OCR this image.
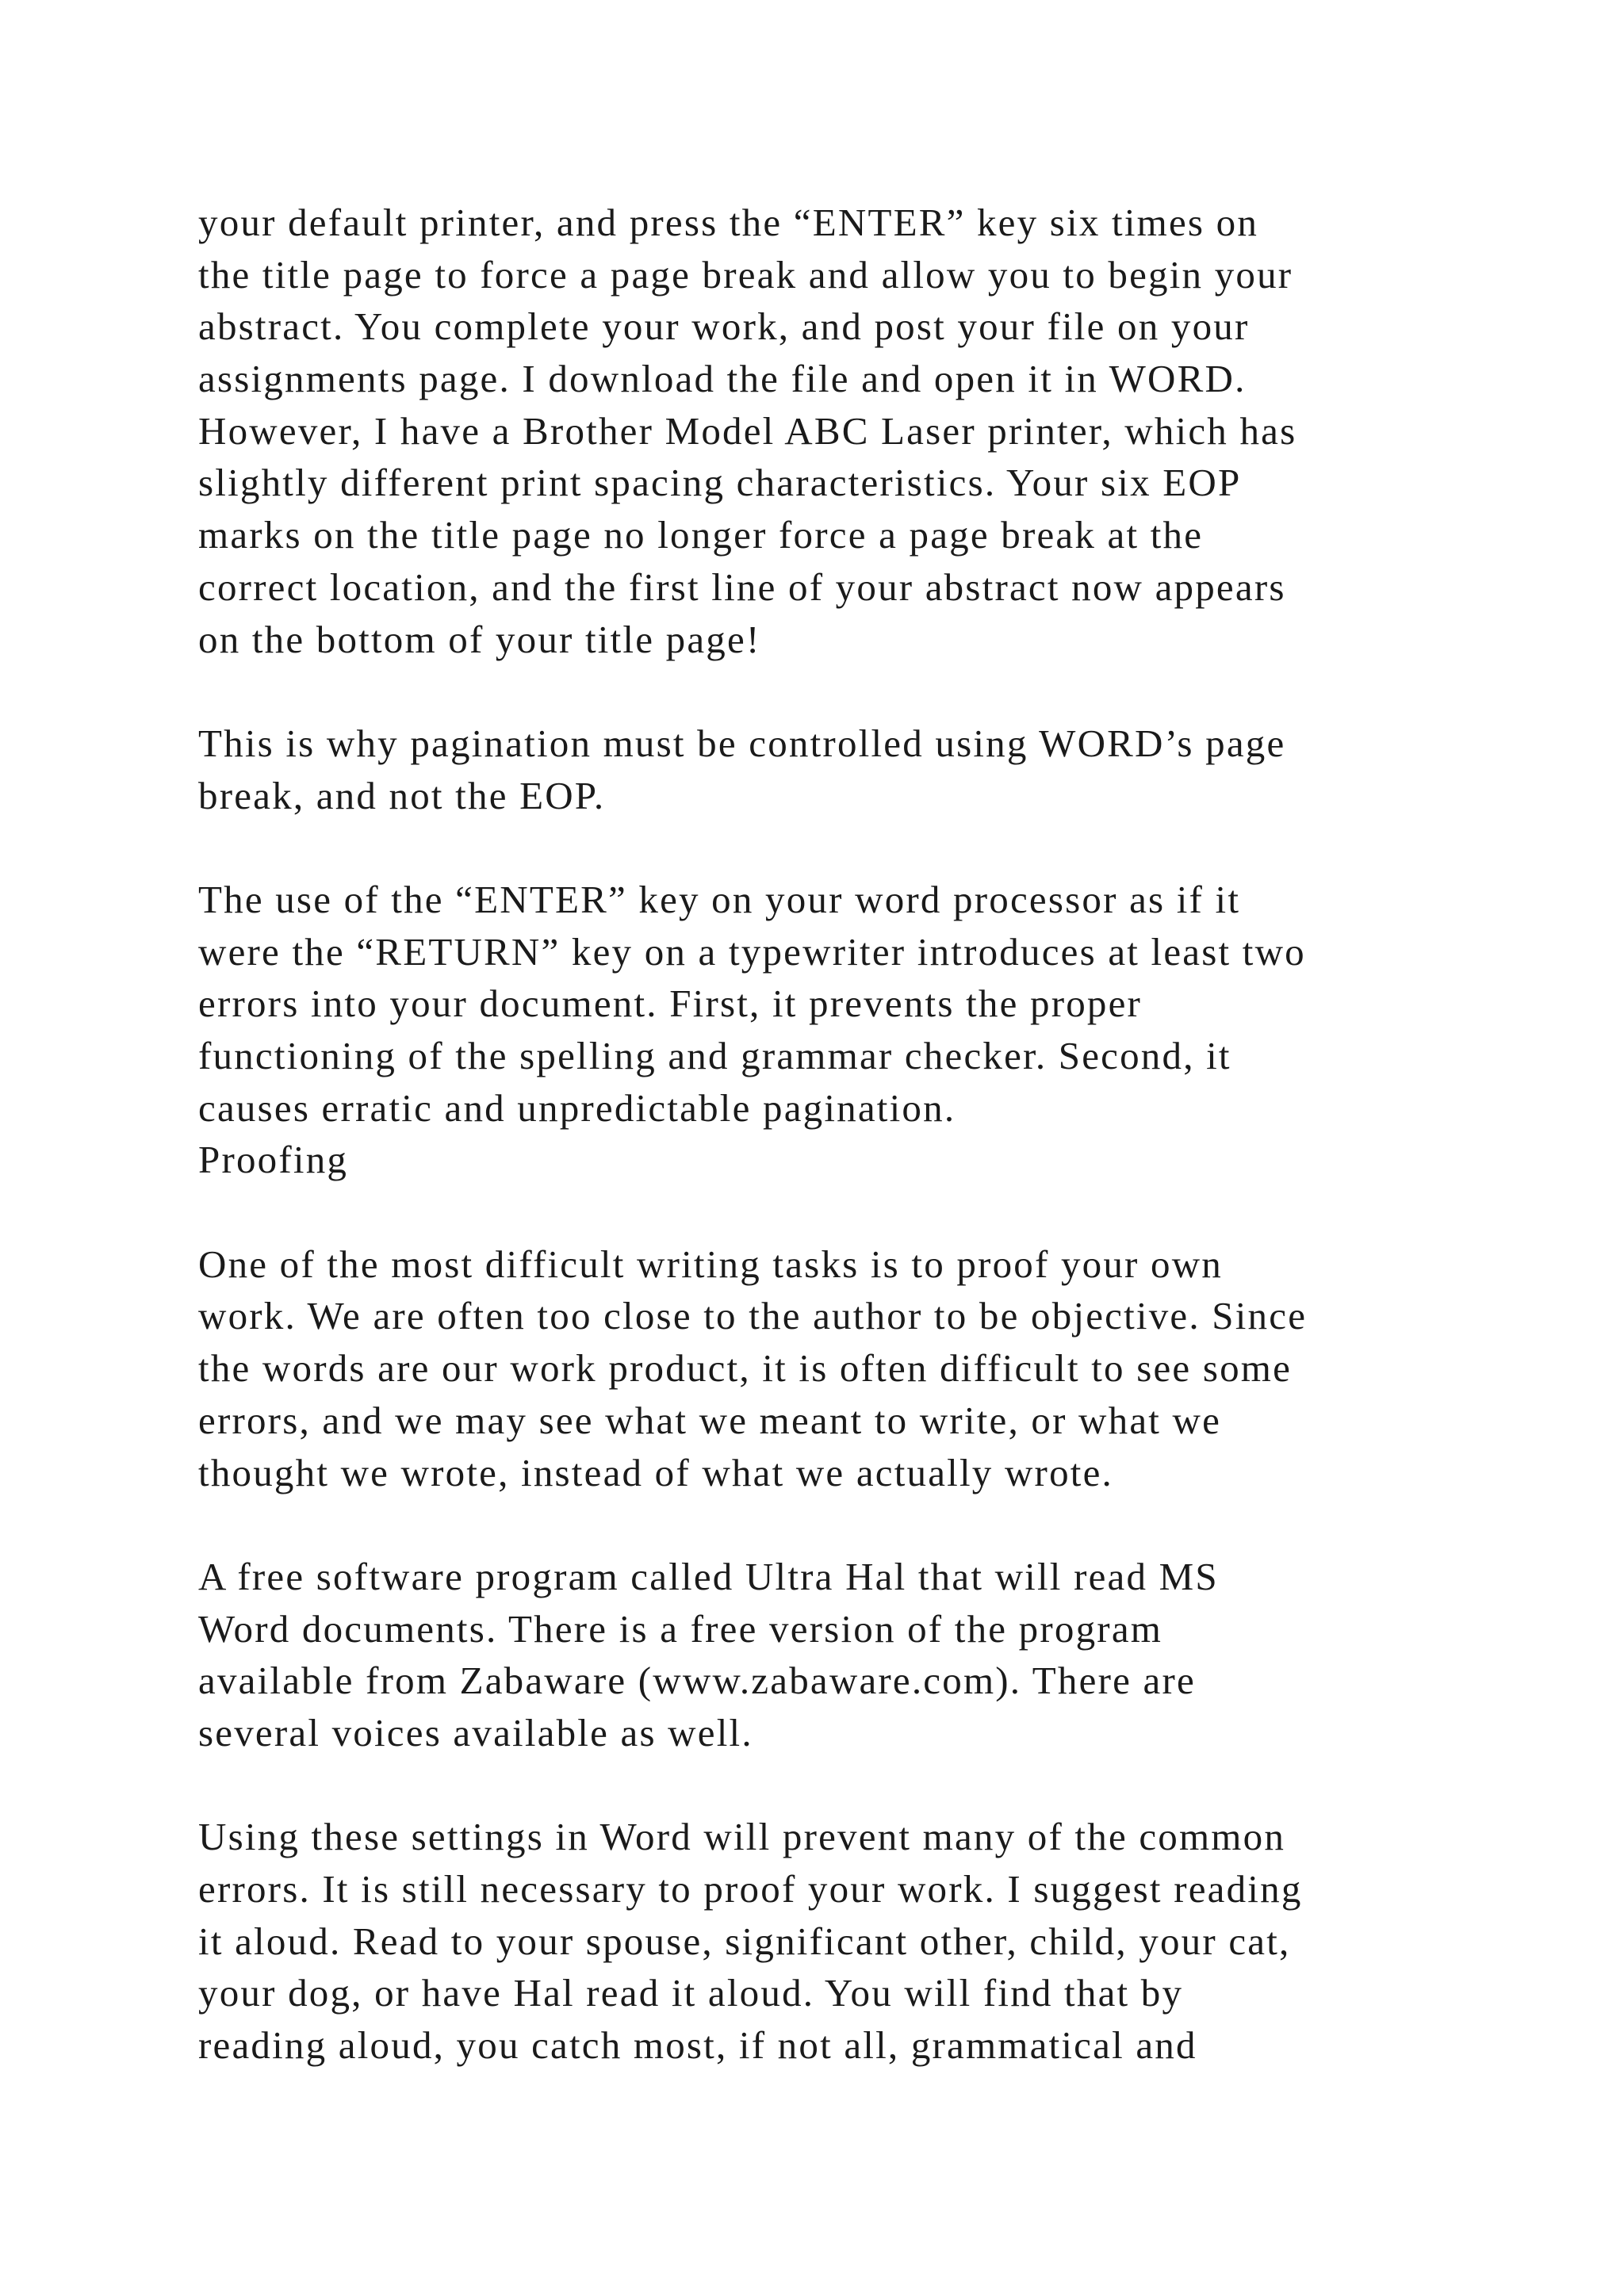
your default printer, and press the “ENTER” key six times on
the title page to force a page break and allow you to begin your
abstract. You complete your work, and post your file on your
assignments page. I download the file and open it in WORD.
However, I have a Brother Model ABC Laser printer, which has
slightly different print spacing characteristics. Your six EOP
marks on the title page no longer force a page break at the
correct location, and the first line of your abstract now appears
on the bottom of your title page!
This is why pagination must be controlled using WORD’s page
break, and not the EOP.
The use of the “ENTER” key on your word processor as if it
were the “RETURN” key on a typewriter introduces at least two
errors into your document. First, it prevents the proper
functioning of the spelling and grammar checker. Second, it
causes erratic and unpredictable pagination.
Proofing
One of the most difficult writing tasks is to proof your own
work. We are often too close to the author to be objective. Since
the words are our work product, it is often difficult to see some
errors, and we may see what we meant to write, or what we
thought we wrote, instead of what we actually wrote.
A free software program called Ultra Hal that will read MS
Word documents. There is a free version of the program
available from Zabaware (www.zabaware.com). There are
several voices available as well.
Using these settings in Word will prevent many of the common
errors. It is still necessary to proof your work. I suggest reading
it aloud. Read to your spouse, significant other, child, your cat,
your dog, or have Hal read it aloud. You will find that by
reading aloud, you catch most, if not all, grammatical and
